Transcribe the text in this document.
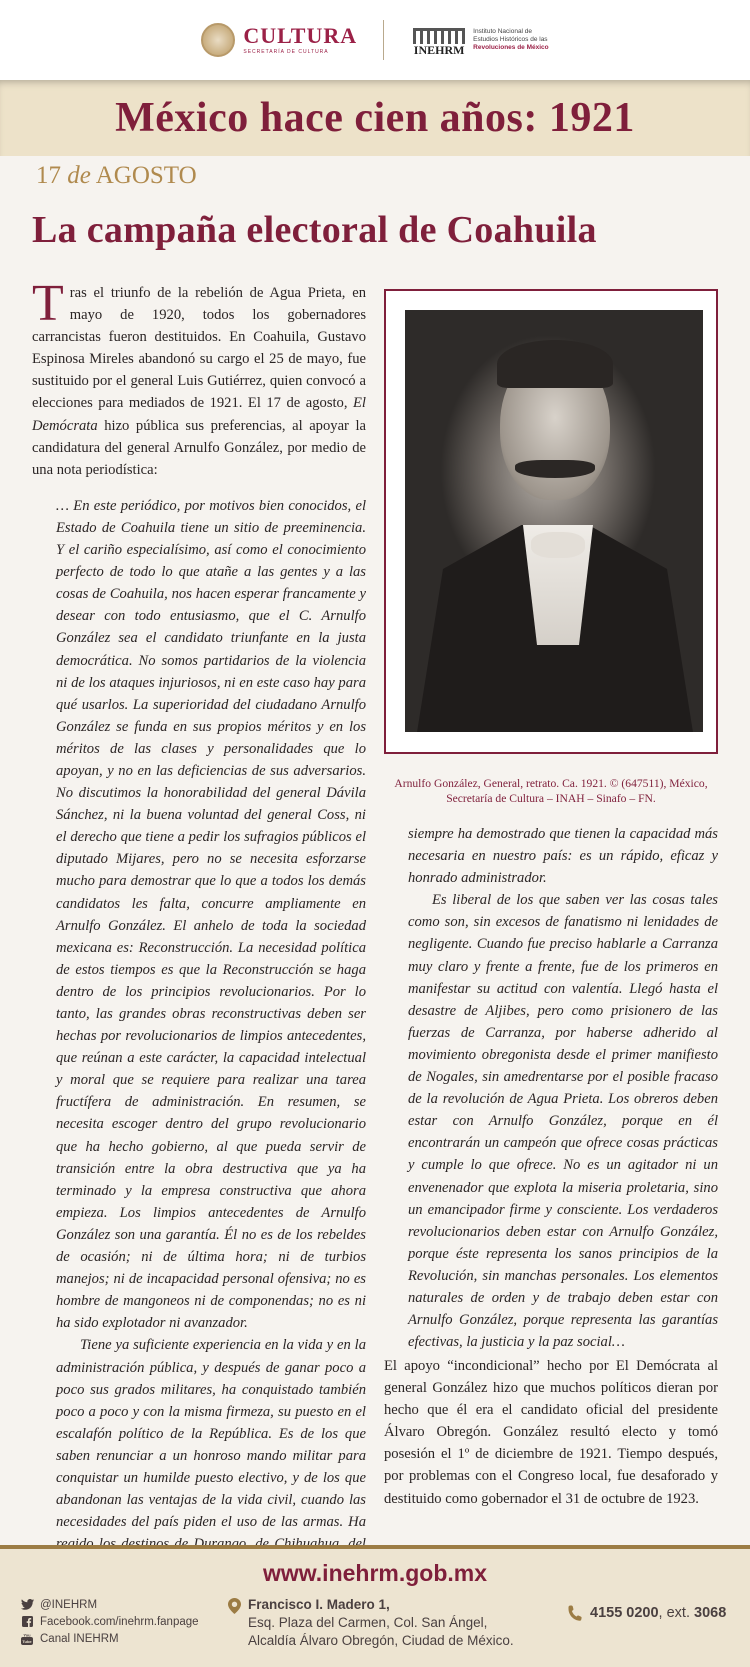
CULTURA
SECRETARÍA DE CULTURA	INEHRM
Instituto Nacional de
Estudios Históricos de las
Revoluciones de México
México hace cien años: 1921
17 de AGOSTO
La campaña electoral de Coahuila

Tras el triunfo de la rebelión de Agua Prieta, en mayo de 1920, todos los gobernadores carrancistas fueron destituidos. En Coahuila, Gustavo Espinosa Mireles abandonó su cargo el 25 de mayo, fue sustituido por el general Luis Gutiérrez, quien convocó a elecciones para mediados de 1921. El 17 de agosto, El Demócrata hizo pública sus preferencias, al apoyar la candidatura del general Arnulfo González, por medio de una nota periodística:

… En este periódico, por motivos bien conocidos, el Estado de Coahuila tiene un sitio de preeminencia. Y el cariño especialísimo, así como el conocimiento perfecto de todo lo que atañe a las gentes y a las cosas de Coahuila, nos hacen esperar francamente y desear con todo entusiasmo, que el C. Arnulfo González sea el candidato triunfante en la justa democrática. No somos partidarios de la violencia ni de los ataques injuriosos, ni en este caso hay para qué usarlos. La superioridad del ciudadano Arnulfo González se funda en sus propios méritos y en los méritos de las clases y personalidades que lo apoyan, y no en las deficiencias de sus adversarios. No discutimos la honorabilidad del general Dávila Sánchez, ni la buena voluntad del general Coss, ni el derecho que tiene a pedir los sufragios públicos el diputado Mijares, pero no se necesita esforzarse mucho para demostrar que lo que a todos los demás candidatos les falta, concurre ampliamente en Arnulfo González. El anhelo de toda la sociedad mexicana es: Reconstrucción. La necesidad política de estos tiempos es que la Reconstrucción se haga dentro de los principios revolucionarios. Por lo tanto, las grandes obras reconstructivas deben ser hechas por revolucionarios de limpios antecedentes, que reúnan a este carácter, la capacidad intelectual y moral que se requiere para realizar una tarea fructífera de administración. En resumen, se necesita escoger dentro del grupo revolucionario que ha hecho gobierno, al que pueda servir de transición entre la obra destructiva que ya ha terminado y la empresa constructiva que ahora empieza. Los limpios antecedentes de Arnulfo González son una garantía. Él no es de los rebeldes de ocasión; ni de última hora; ni de turbios manejos; ni de incapacidad personal ofensiva; no es hombre de mangoneos ni de componendas; no es ni ha sido explotador ni avanzador.

Tiene ya suficiente experiencia en la vida y en la administración pública, y después de ganar poco a poco sus grados militares, ha conquistado también poco a poco y con la misma firmeza, su puesto en el escalafón político de la República. Es de los que saben renunciar a un honroso mando militar para conquistar un humilde puesto electivo, y de los que abandonan las ventajas de la vida civil, cuando las necesidades del país piden el uso de las armas. Ha

Arnulfo González, General, retrato. Ca. 1921. © (647511), México,
Secretaría de Cultura – INAH – Sinafo – FN.

siempre ha demostrado que tienen la capacidad más necesaria en nuestro país: es un rápido, eficaz y honrado administrador.

Es liberal de los que saben ver las cosas tales como son, sin excesos de fanatismo ni lenidades de negligente. Cuando fue preciso hablarle a Carranza muy claro y frente a frente, fue de los primeros en manifestar su actitud con valentía. Llegó hasta el desastre de Aljibes, pero como prisionero de las fuerzas de Carranza, por haberse adherido al movimiento obregonista desde el primer manifiesto de Nogales, sin amedrentarse por el posible fracaso de la revolución de Agua Prieta. Los obreros deben estar con Arnulfo González, porque en él encontrarán un campeón que ofrece cosas prácticas y cumple lo que ofrece. No es un agitador ni un envenenador que explota la miseria proletaria, sino un emancipador firme y consciente. Los verdaderos revolucionarios deben estar con Arnulfo González, porque éste representa los sanos principios de la Revolución, sin manchas personales. Los elementos naturales de orden y de trabajo deben estar con Arnulfo González, porque representa las garantías efectivas, la justicia y la paz social…

El apoyo “incondicional” hecho por El Demócrata al general González hizo que muchos políticos dieran por hecho que él era el candidato oficial del presidente Álvaro Obregón. González resultó electo y tomó posesión el 1º de diciembre de 1921. Tiempo después, por problemas con el Congreso local, fue desaforado y destituido como gobernador el 31 de octubre de 1923.

www.inehrm.gob.mx
@INEHRM
Facebook.com/inehrm.fanpage
You
Tube Canal INEHRM
Francisco I. Madero 1,
Esq. Plaza del Carmen, Col. San Ángel,
Alcaldía Álvaro Obregón, Ciudad de México.
4155 0200, ext. 3068
